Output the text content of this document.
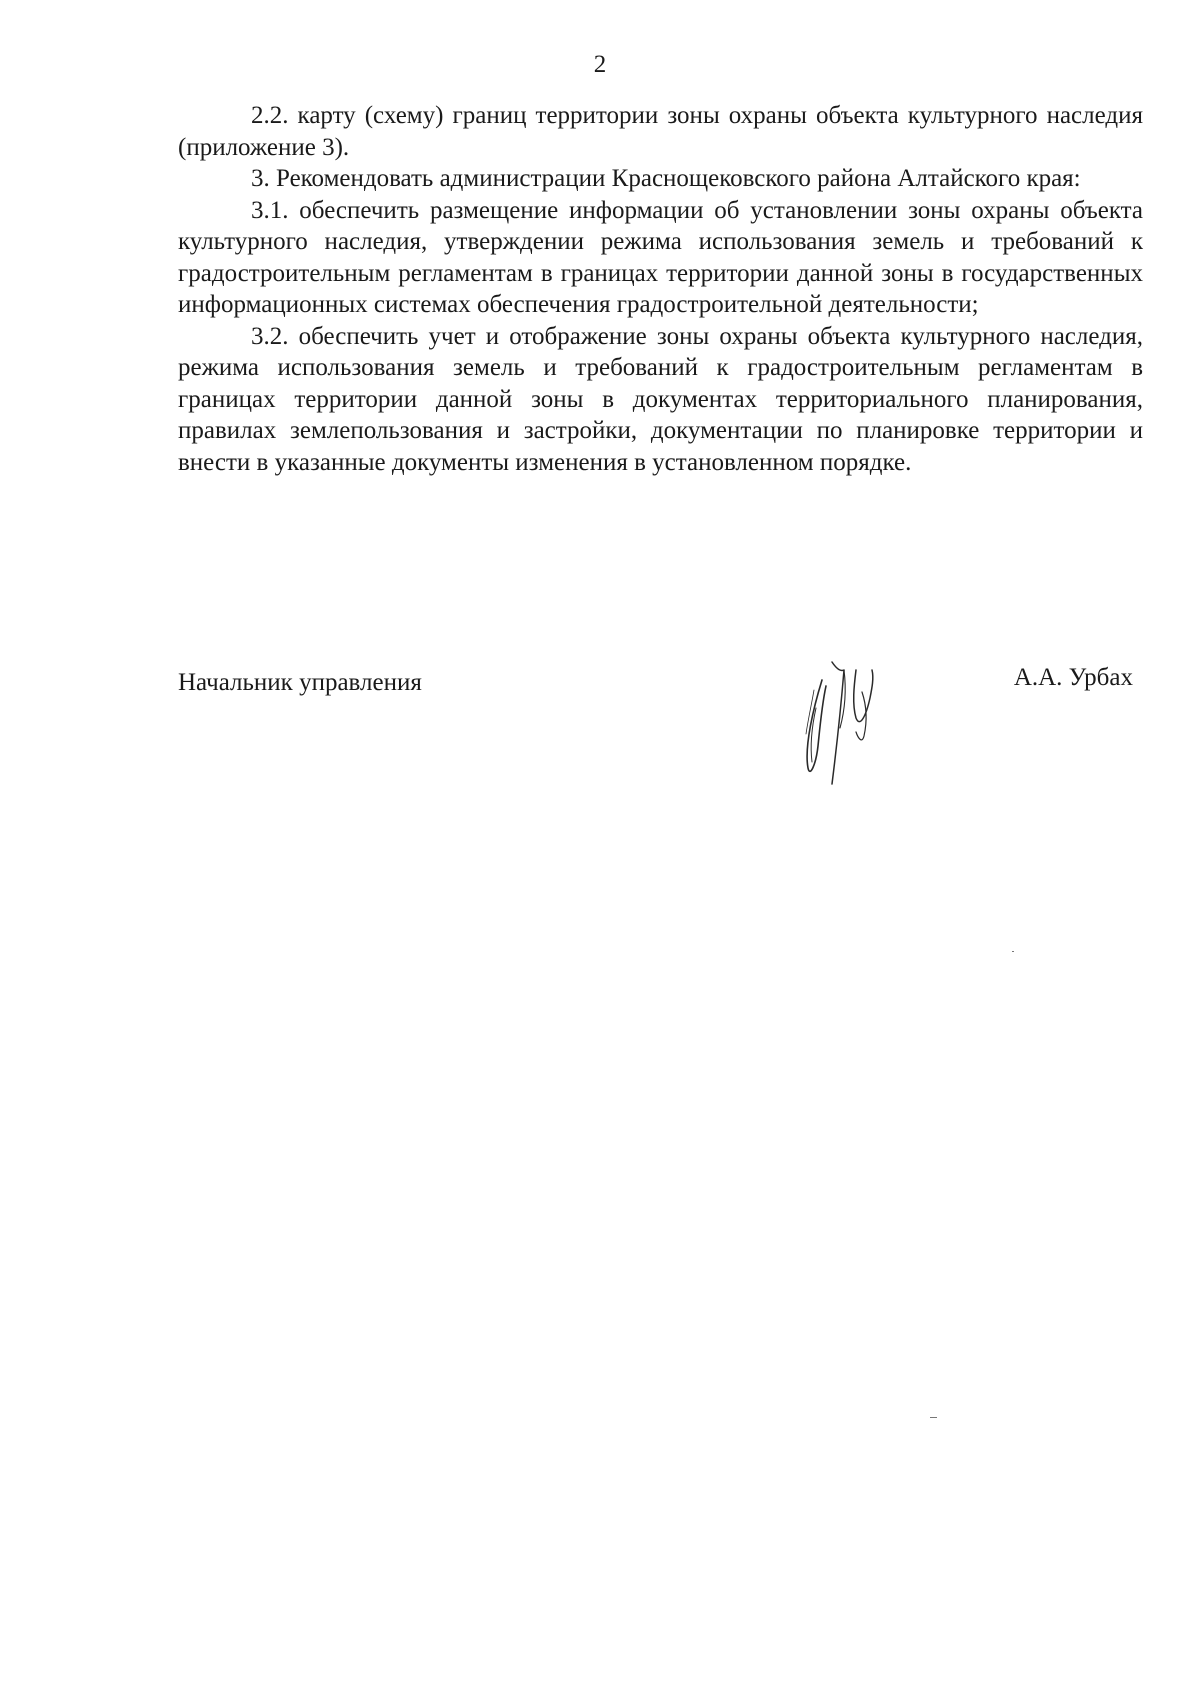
2

2.2. карту (схему) границ территории зоны охраны объекта культурного наследия (приложение 3).

3. Рекомендовать администрации Краснощековского района Алтайского края:

3.1. обеспечить размещение информации об установлении зоны охраны объекта культурного наследия, утверждении режима использования земель и требований к градостроительным регламентам в границах территории данной зоны в государственных информационных системах обеспечения градостроительной деятельности;

3.2. обеспечить учет и отображение зоны охраны объекта культурного наследия, режима использования земель и требований к градостроительным регламентам в границах территории данной зоны в документах территориального планирования, правилах землепользования и застройки, документации по планировке территории и внести в указанные документы изменения в установленном порядке.

Начальник управления	А.А. Урбах
